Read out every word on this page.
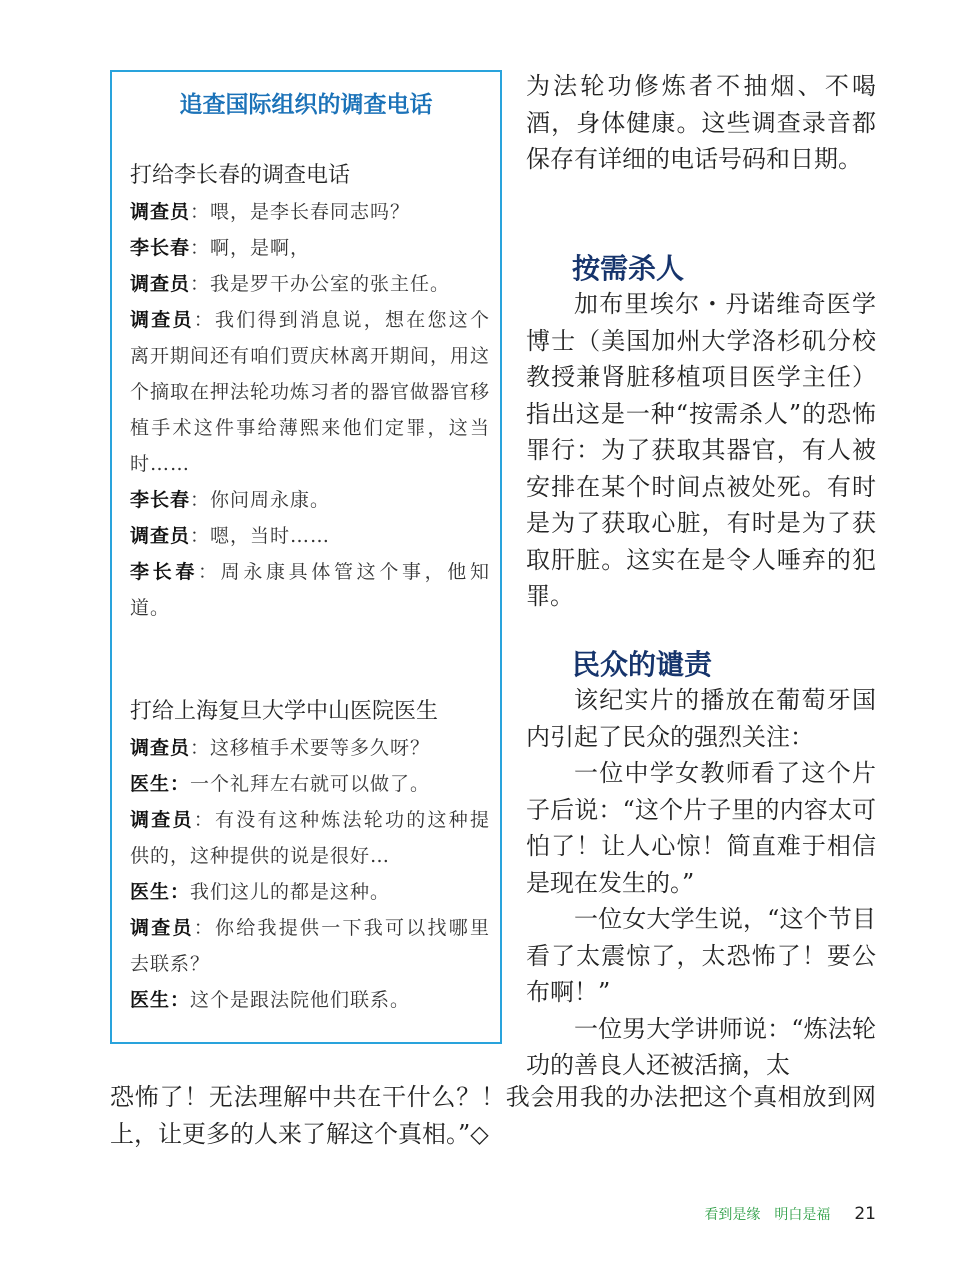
追查国际组织的调查电话
打给李长春的调查电话

调查员：喂，是李长春同志吗？

李长春：啊，是啊，

调查员：我是罗干办公室的张主任。

调查员：我们得到消息说，想在您这个离开期间还有咱们贾庆林离开期间，用这个摘取在押法轮功炼习者的器官做器官移植手术这件事给薄熙来他们定罪，这当时……

李长春：你问周永康。

调查员：嗯，当时……

李长春：周永康具体管这个事，他知道。

打给上海复旦大学中山医院医生

调查员：这移植手术要等多久呀？

医生：一个礼拜左右就可以做了。

调查员：有没有这种炼法轮功的这种提供的，这种提供的说是很好…

医生：我们这儿的都是这种。

调查员：你给我提供一下我可以找哪里去联系？

医生：这个是跟法院他们联系。

为法轮功修炼者不抽烟、不喝酒，身体健康。这些调查录音都保存有详细的电话号码和日期。

按需杀人

加布里埃尔・丹诺维奇医学博士（美国加州大学洛杉矶分校教授兼肾脏移植项目医学主任）指出这是一种“按需杀人”的恐怖罪行：为了获取其器官，有人被安排在某个时间点被处死。有时是为了获取心脏，有时是为了获取肝脏。这实在是令人唾弃的犯罪。

民众的谴责

该纪实片的播放在葡萄牙国内引起了民众的强烈关注：

一位中学女教师看了这个片子后说：“这个片子里的内容太可怕了！让人心惊！简直难于相信是现在发生的。”

一位女大学生说，“这个节目看了太震惊了，太恐怖了！要公布啊！”

一位男大学讲师说：“炼法轮功的善良人还被活摘，太

恐怖了！无法理解中共在干什么？！我会用我的办法把这个真相放到网上，让更多的人来了解这个真相。”◇

看到是缘　明白是福 21
